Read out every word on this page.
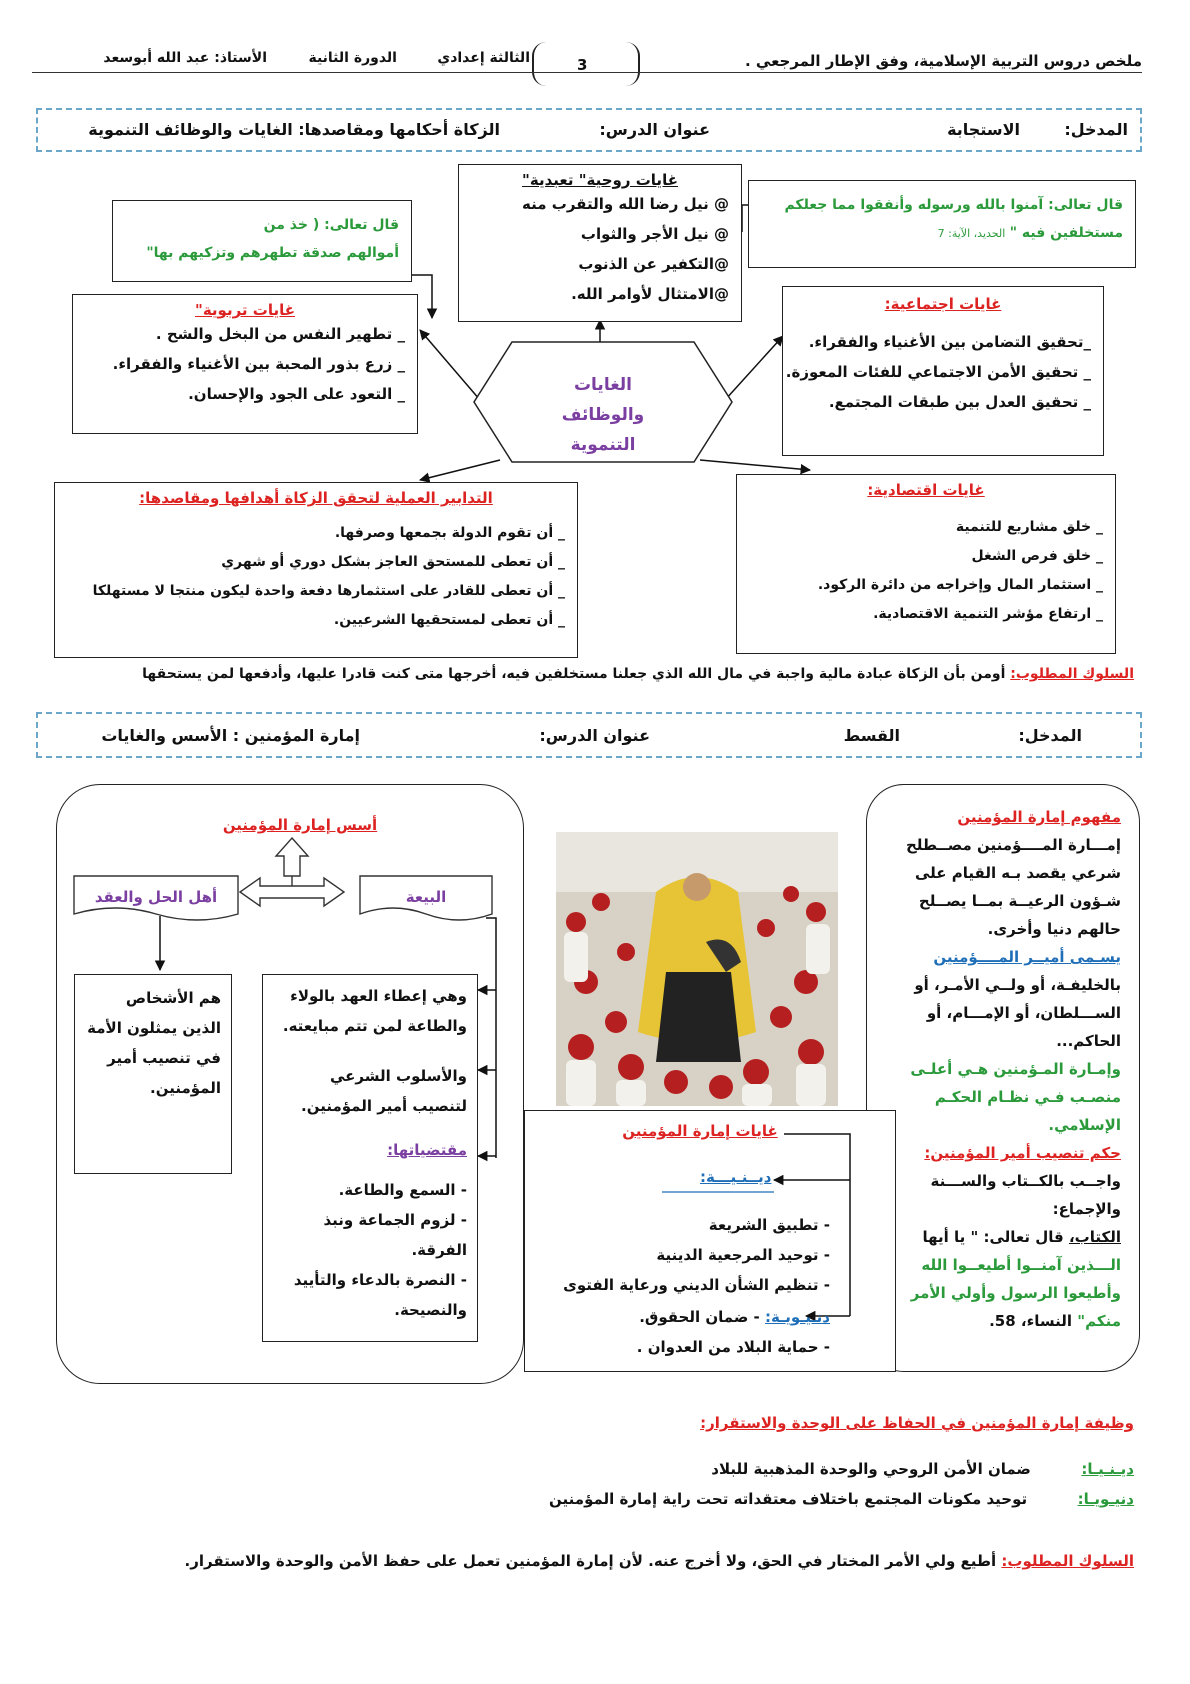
ملخص دروس التربية الإسلامية، وفق الإطار المرجعي .
الثالثة إعدادي
الدورة الثانية
الأستاذ: عبد الله أبوسعد	3
المدخل:
الاستجابة
عنوان الدرس:
الزكاة أحكامها ومقاصدها: الغايات والوظائف التنموية
قال تعالى: آمنوا بالله ورسوله وأنفقوا مما جعلكم
مستخلفين فيه " الحديد، الآية: 7
غايات روحية" تعبدية"
@ نيل رضا الله والتقرب منه
@ نيل الأجر والثواب
@التكفير عن الذنوب
@الامتثال لأوامر الله.
قال تعالى: ( خذ من
أموالهم صدقة تطهرهم وتزكيهم بها"
غايات تربوية"
_ تطهير النفس من البخل والشح .
_ زرع بذور المحبة بين الأغنياء والفقراء.
_ التعود على الجود والإحسان.	الغايات والوظائف التنموية
غايات اجتماعية:
_تحقيق التضامن بين الأغنياء والفقراء.
_ تحقيق الأمن الاجتماعي للفئات المعوزة.
_ تحقيق العدل بين طبقات المجتمع.
التدابير العملية لتحقق الزكاة أهدافها ومقاصدها:
_ أن تقوم الدولة بجمعها وصرفها.
_ أن تعطى للمستحق العاجز بشكل دوري أو شهري
_ أن تعطى للقادر على استثمارها دفعة واحدة ليكون منتجا لا مستهلكا
_ أن تعطى لمستحقيها الشرعيين.
غايات اقتصادية:
_ خلق مشاريع للتنمية
_ خلق فرص الشغل
_ استثمار المال وإخراجه من دائرة الركود.
_ ارتفاع مؤشر التنمية الاقتصادية.
السلوك المطلوب: أومن بأن الزكاة عبادة مالية واجبة في مال الله الذي جعلنا مستخلفين فيه، أخرجها متى كنت قادرا عليها، وأدفعها لمن يستحقها
المدخل:
القسط
عنوان الدرس:
إمارة المؤمنين : الأسس والغايات
مفهوم إمارة المؤمنين
إمـــارة المــــؤمنين مصــطلح
شرعي يقصد بـه القيام على
شـؤون الرعيــة بمــا يصــلح
حالهم دنيا وأخرى.
يسـمى أميــر المــــؤمنين
بالخليفـة، أو ولــي الأمـر، أو
الســـلطان، أو الإمـــام، أو
الحاكم...
وإمـارة المـؤمنين هـي أعلـى
منصـب فـي نظـام الحكـم
الإسلامي.
حكم تنصيب أمير المؤمنين:
واجــب بالكــتاب والســـنة
والإجماع:
الكتاب، قال تعالى: " يا أيها
الـــذين آمنــوا أطيعــوا الله
وأطيعوا الرسول وأولي الأمر
منكم" النساء، 58.
أسس إمارة المؤمنين
أهل الحل والعقد	البيعة
هم الأشخاص
الذين يمثلون الأمة
في تنصيب أمير
المؤمنين.
وهي إعطاء العهد بالولاء
والطاعة لمن تتم مبايعته.
والأسلوب الشرعي
لتنصيب أمير المؤمنين.
مقتضياتها:
- السمع والطاعة.
- لزوم الجماعة ونبذ
الفرقة.
- النصرة بالدعاء والتأييد
والنصيحة.
غايات إمارة المؤمنين
ديــنـيـــة:
- تطبيق الشريعة
- توحيد المرجعية الدينية
- تنظيم الشأن الديني ورعاية الفتوى
دنـيـويـة: - ضمان الحقوق.
- حماية البلاد من العدوان .
وظيفة إمارة المؤمنين في الحفاظ على الوحدة والاستقرار:
ديـنـيـا:  ضمان الأمن الروحي والوحدة المذهبية للبلاد
دنيـويـا:  توحيد مكونات المجتمع باختلاف معتقداته تحت راية إمارة المؤمنين
السلوك المطلوب: أطيع ولي الأمر المختار في الحق، ولا أخرج عنه. لأن إمارة المؤمنين تعمل على حفظ الأمن والوحدة والاستقرار.
